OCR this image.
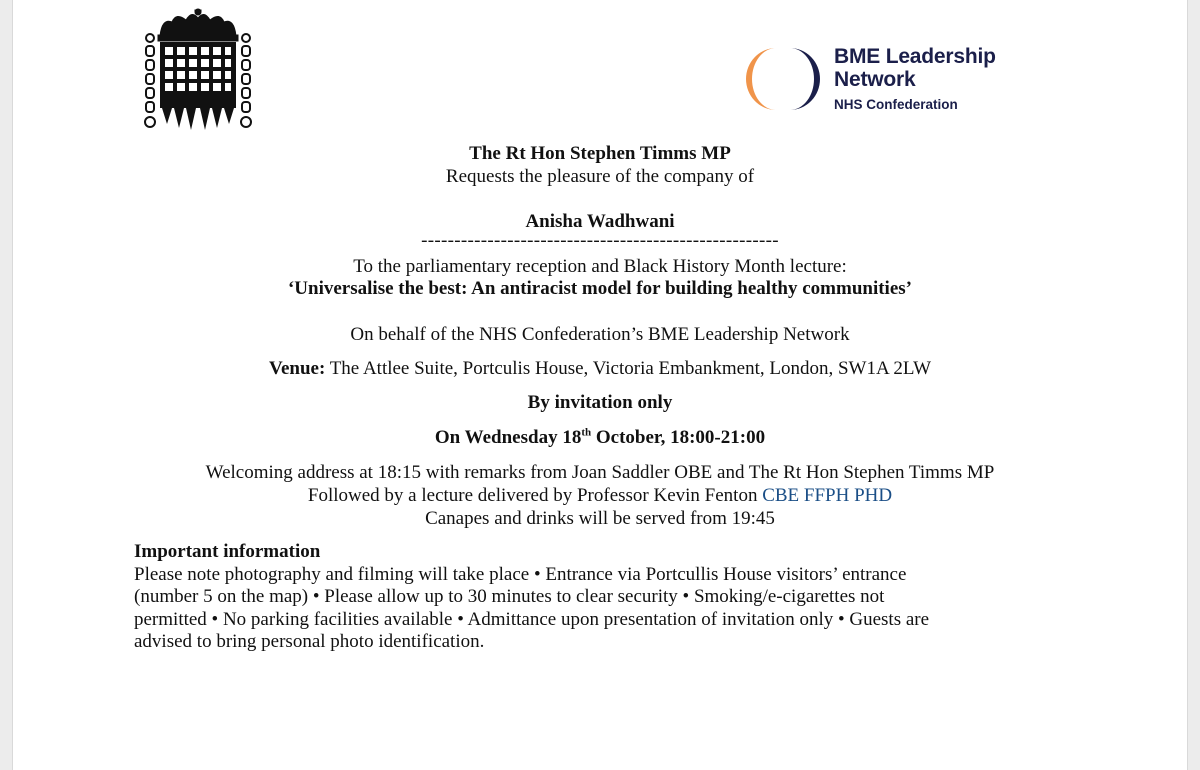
BME Leadership
Network
NHS Confederation
The Rt Hon Stephen Timms MP
Requests the pleasure of the company of
Anisha Wadhwani
------------------------------------------------------
To the parliamentary reception and Black History Month lecture:
‘Universalise the best: An antiracist model for building healthy communities’
On behalf of the NHS Confederation’s BME Leadership Network
Venue: The Attlee Suite, Portculis House, Victoria Embankment, London, SW1A 2LW
By invitation only
On Wednesday 18th October, 18:00-21:00
Welcoming address at 18:15 with remarks from Joan Saddler OBE and The Rt Hon Stephen Timms MP
Followed by a lecture delivered by Professor Kevin Fenton CBE FFPH PHD
Canapes and drinks will be served from 19:45
Important information
Please note photography and filming will take place • Entrance via Portcullis House visitors’ entrance
(number 5 on the map) • Please allow up to 30 minutes to clear security • Smoking/e-cigarettes not
permitted • No parking facilities available • Admittance upon presentation of invitation only • Guests are
advised to bring personal photo identification.
